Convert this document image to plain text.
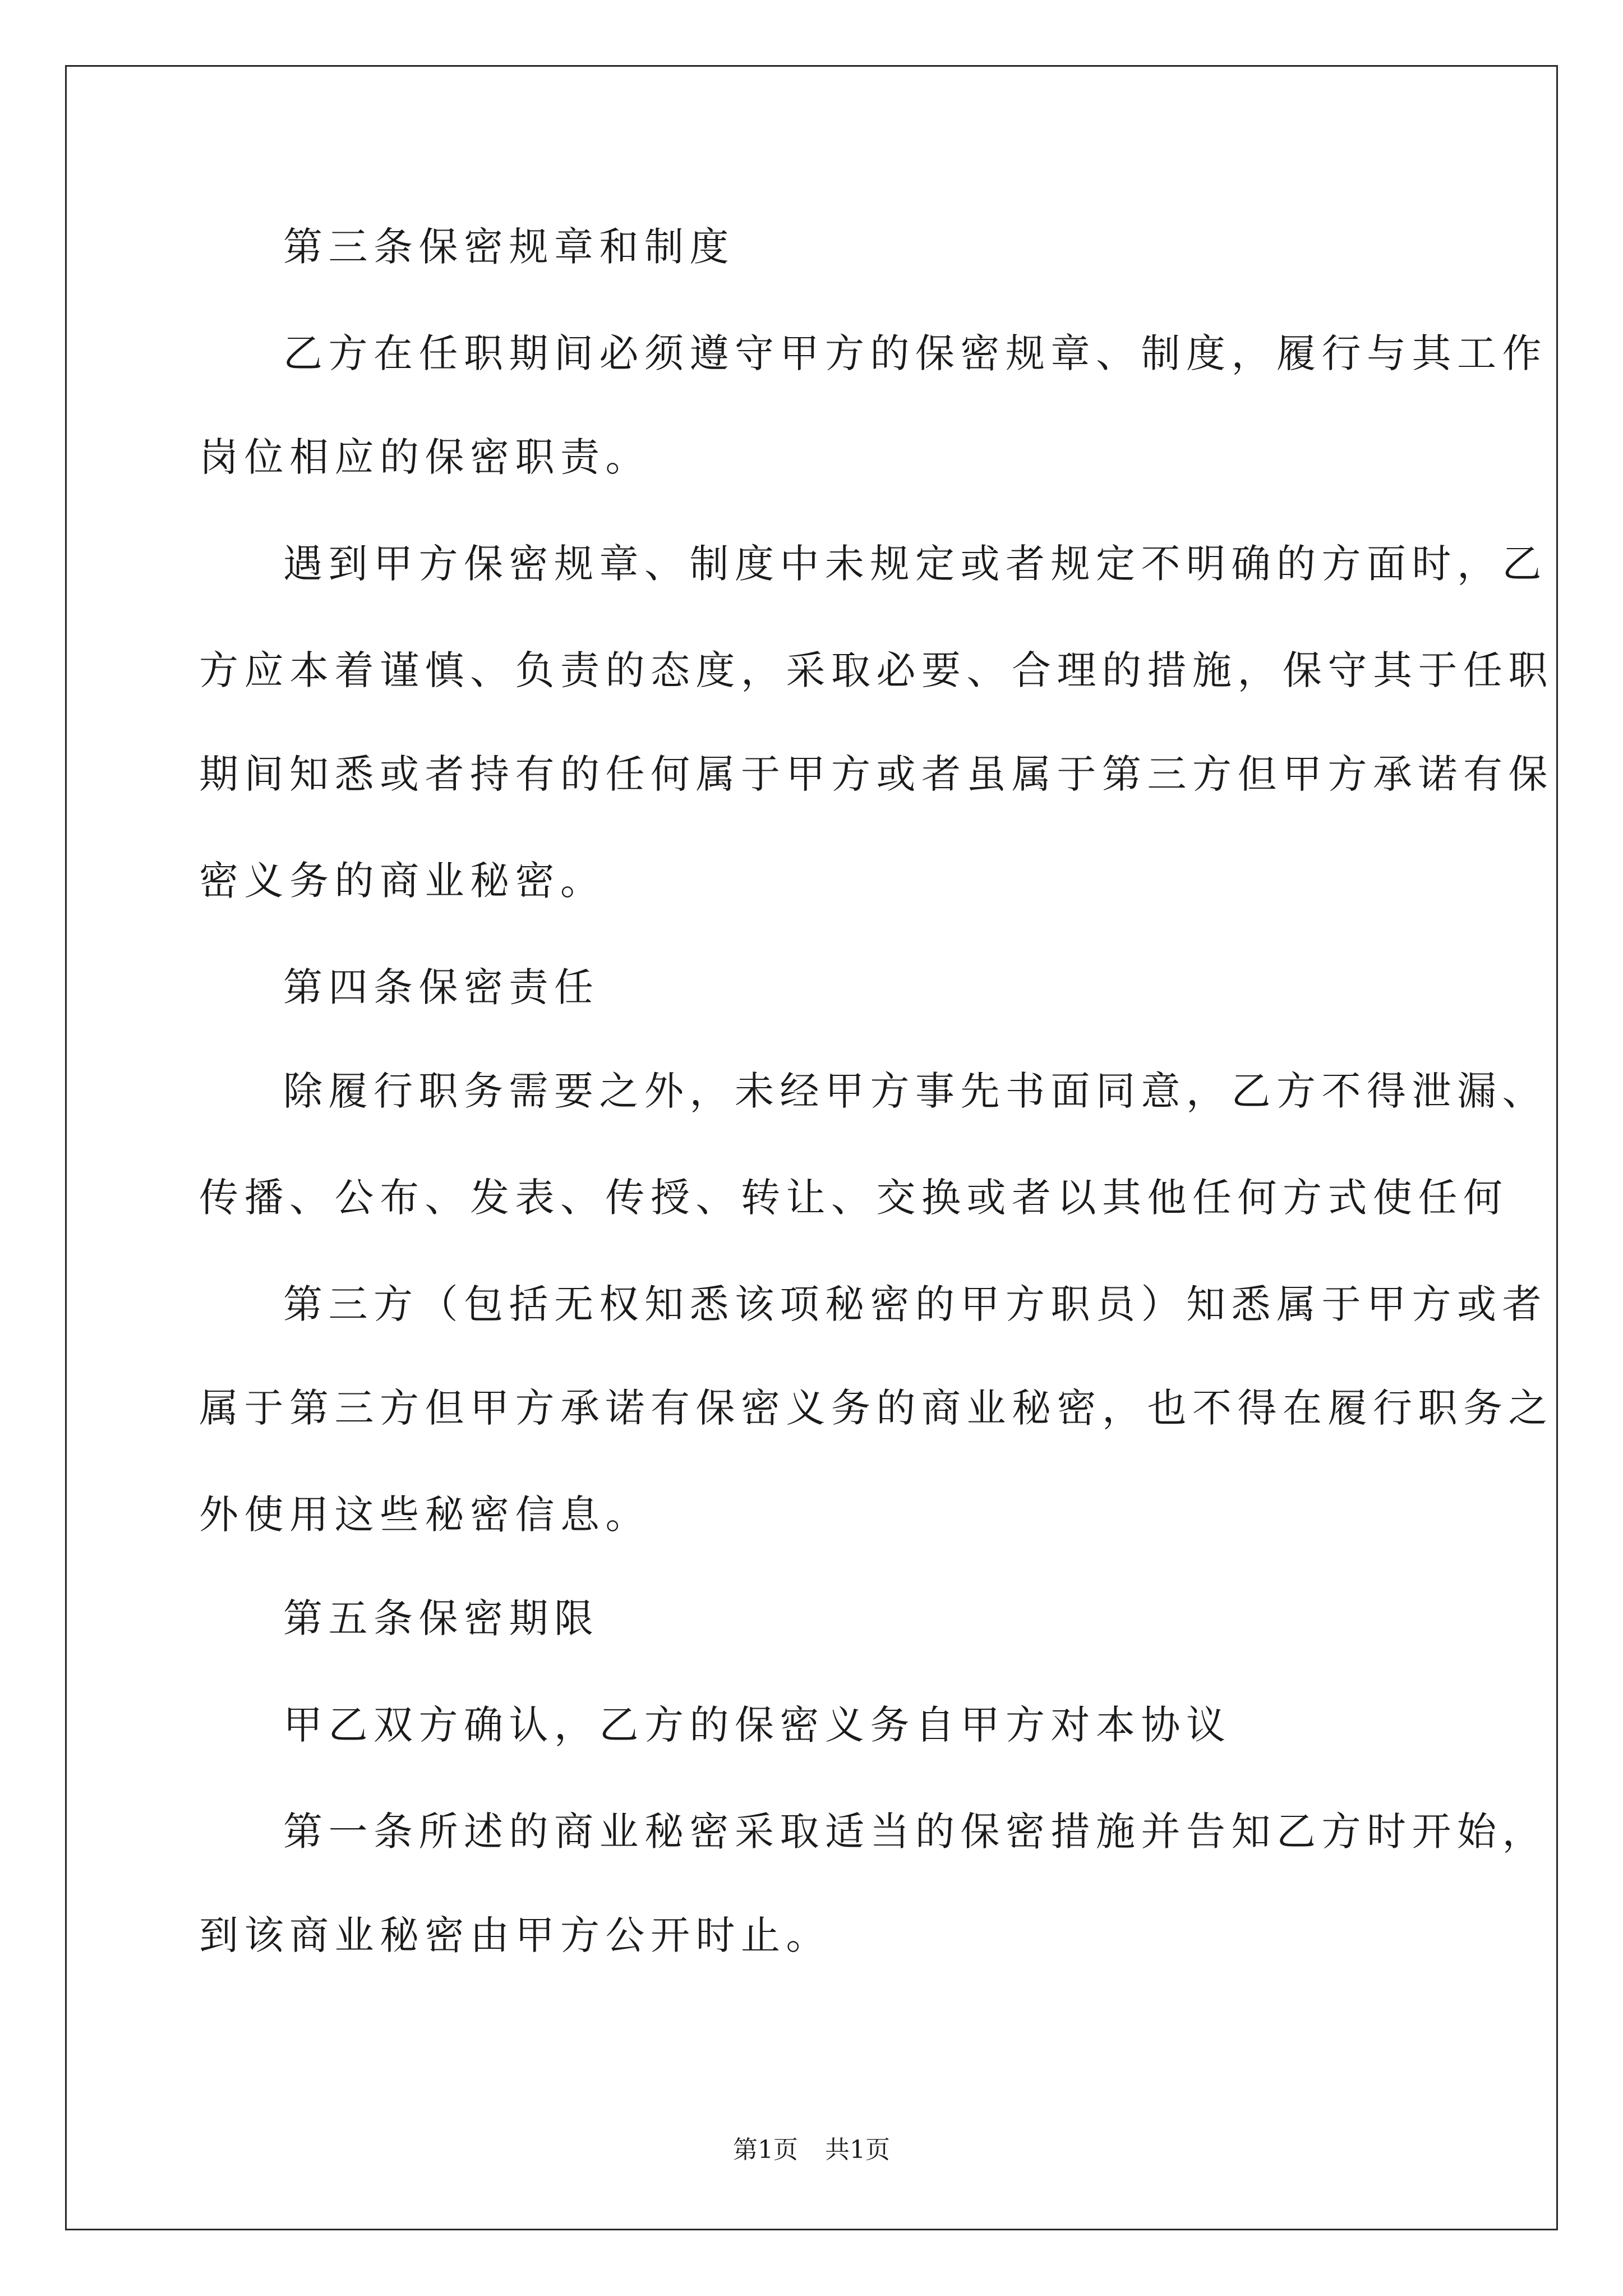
第三条保密规章和制度
乙方在任职期间必须遵守甲方的保密规章、制度，履行与其工作
岗位相应的保密职责。
遇到甲方保密规章、制度中未规定或者规定不明确的方面时，乙
方应本着谨慎、负责的态度，采取必要、合理的措施，保守其于任职
期间知悉或者持有的任何属于甲方或者虽属于第三方但甲方承诺有保
密义务的商业秘密。
第四条保密责任
除履行职务需要之外，未经甲方事先书面同意，乙方不得泄漏、
传播、公布、发表、传授、转让、交换或者以其他任何方式使任何
第三方（包括无权知悉该项秘密的甲方职员）知悉属于甲方或者
属于第三方但甲方承诺有保密义务的商业秘密，也不得在履行职务之
外使用这些秘密信息。
第五条保密期限
甲乙双方确认，乙方的保密义务自甲方对本协议
第一条所述的商业秘密采取适当的保密措施并告知乙方时开始，
到该商业秘密由甲方公开时止。
第1页 共1页
